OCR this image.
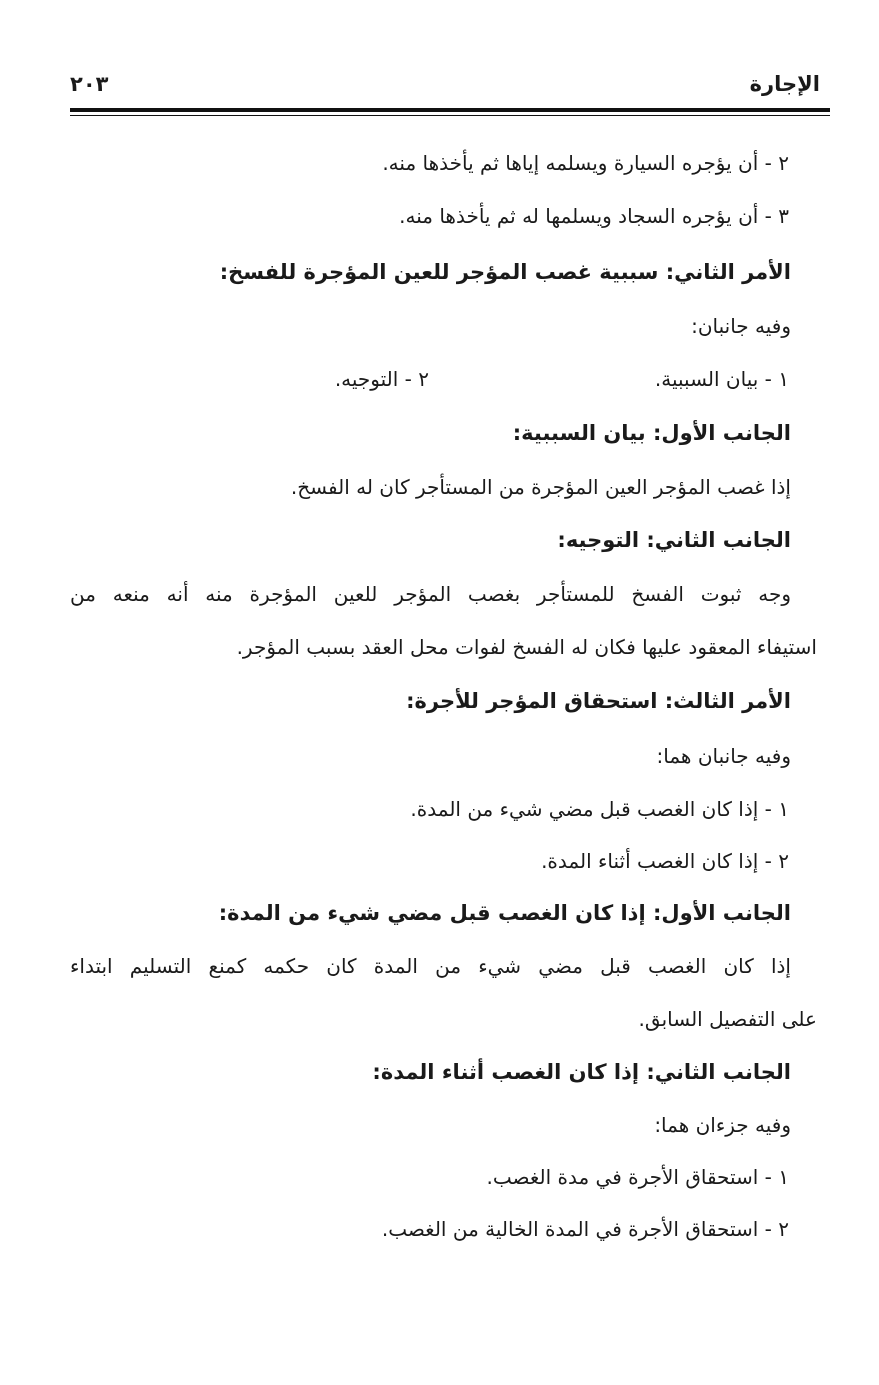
الإجارة
٢٠٣
٢ - أن يؤجره السيارة ويسلمه إياها ثم يأخذها منه.
٣ - أن يؤجره السجاد ويسلمها له ثم يأخذها منه.
الأمر الثاني: سببية غصب المؤجر للعين المؤجرة للفسخ:
وفيه جانبان:
١ - بيان السببية.
٢ - التوجيه.
الجانب الأول: بيان السببية:
إذا غصب المؤجر العين المؤجرة من المستأجر كان له الفسخ.
الجانب الثاني: التوجيه:
وجه ثبوت الفسخ للمستأجر بغصب المؤجر للعين المؤجرة منه أنه منعه من
استيفاء المعقود عليها فكان له الفسخ لفوات محل العقد بسبب المؤجر.
الأمر الثالث: استحقاق المؤجر للأجرة:
وفيه جانبان هما:
١ - إذا كان الغصب قبل مضي شيء من المدة.
٢ - إذا كان الغصب أثناء المدة.
الجانب الأول: إذا كان الغصب قبل مضي شيء من المدة:
إذا كان الغصب قبل مضي شيء من المدة كان حكمه كمنع التسليم ابتداء
على التفصيل السابق.
الجانب الثاني: إذا كان الغصب أثناء المدة:
وفيه جزءان هما:
١ - استحقاق الأجرة في مدة الغصب.
٢ - استحقاق الأجرة في المدة الخالية من الغصب.
